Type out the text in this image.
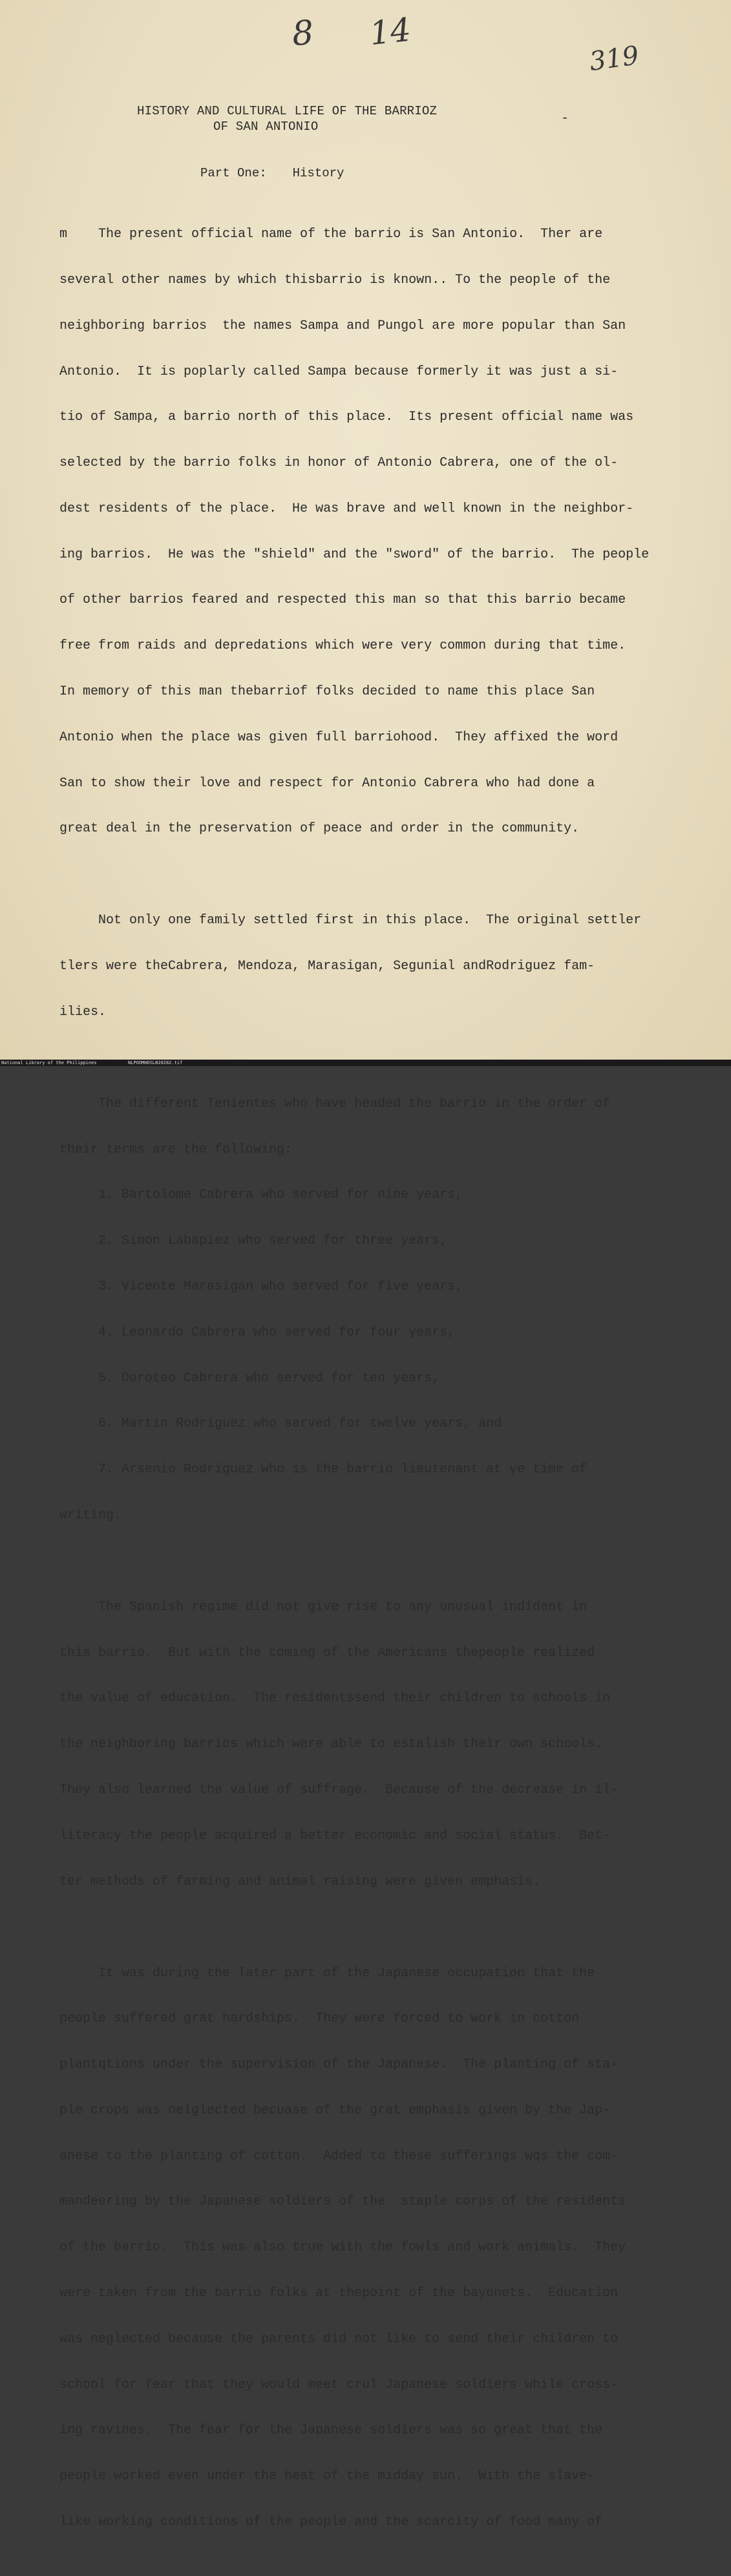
8 14
319
-
HISTORY AND CULTURAL LIFE OF THE BARRIOZ
OF SAN ANTONIO
Part One: History

m    The present official name of the barrio is San Antonio.  Ther are

several other names by which thisbarrio is known.. To the people of the

neighboring barrios  the names Sampa and Pungol are more popular than San

Antonio.  It is poplarly called Sampa because formerly it was just a si-

tio of Sampa, a barrio north of this place.  Its present official name was

selected by the barrio folks in honor of Antonio Cabrera, one of the ol-

dest residents of the place.  He was brave and well known in the neighbor-

ing barrios.  He was the "shield" and the "sword" of the barrio.  The people

of other barrios feared and respected this man so that this barrio became

free from raids and depredations which were very common during that time.

In memory of this man thebarriof folks decided to name this place San

Antonio when the place was given full barriohood.  They affixed the word

San to show their love and respect for Antonio Cabrera who had done a

great deal in the preservation of peace and order in the community.

Not only one family settled first in this place.  The original settler

tlers were theCabrera, Mendoza, Marasigan, Segunial andRodriguez fam-

ilies.

The different Tenientes who have headed the barrio in the order of

their terms are the following:

1. Bartolome Cabrera who served for nine years,

2. Simon Labapiez who served for three years,

3. Vicente Marasigan who served for five years,

4. Leonardo Cabrera who served for four years,

5. Doroteo Cabrera who served for ten years,

6. Martin Rodriguez who served for twelve years, and

7. Arsenio Rodriguez who is the barrio lieutenant at ye time of

writing.

The Spanish regime did not give rise to any unusual indident in

this barrio.  But with the coming of the Americans thepeople realized

the value of education.  The residentssend their children to schools in

the neighboring barrios which were able to estalish their own schools.

They also learned the value of suffrage.  Because of the decrease in il-

literacy the people acquired a better economic and social status.  Bet-

ter methods of farming and animal raising were given emphasis.

It was during the later part of the Japanese occupation that the

people suffered grat hardships.  They were forced to work in cotton

plantqtions under the supervision of the Japanese.  The planting of sta-

ple crops was nelglected becuase of the grat emphasis given by the Jap-

anese to the planting of cotton.  Added to these sufferings wqs the com-

mandeering by the Japanese soldiers of the  staple corps of the residents

of the barrio.  This was also true with the fowls and work animals.  They

were taken from the barrio folks at thepoint of the bayonets.  Education

was neglected because the parents did not like to send their children to

school for fear that they would meet crul Japanese soldiers while cross-

ing ravines.  The fear for the Japanese soldiers was so great that the

people worked even under the heat of the midday sun.  With the slave-

like working conditions of the people and the scarcity of food many of

National Library of the Philippines	NLPOOMHDSLB28282.tif
